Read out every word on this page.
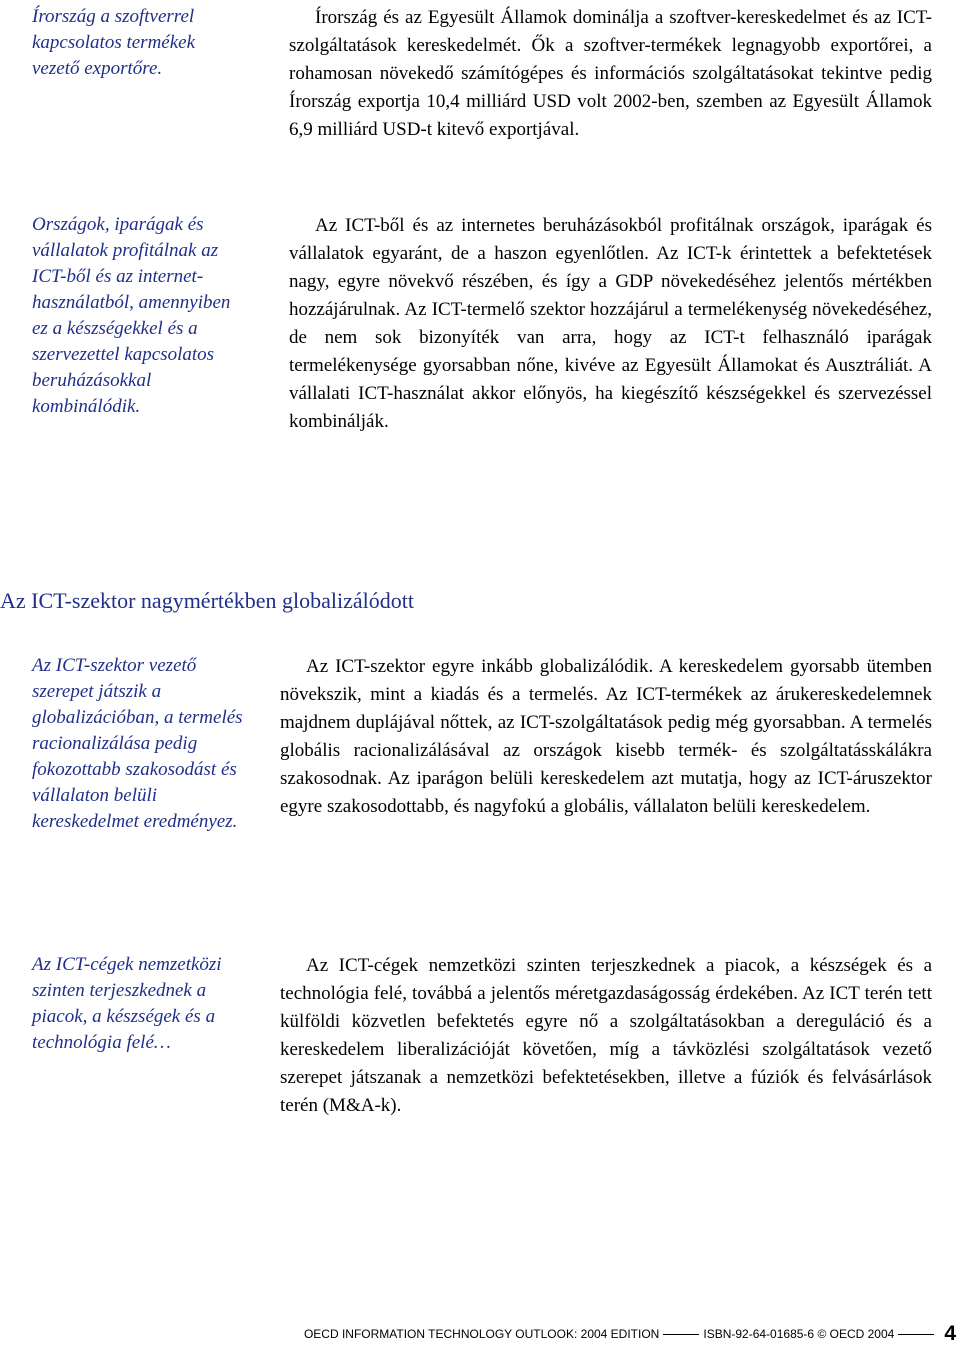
Írország a szoftverrel kapcsolatos termékek vezető exportőre.

Írország és az Egyesült Államok dominálja a szoftver-kereskedelmet és az ICT-szolgáltatások kereskedelmét. Ők a szoftver-termékek legnagyobb exportőrei, a rohamosan növekedő számítógépes és információs szolgáltatásokat tekintve pedig Írország exportja 10,4 milliárd USD volt 2002-ben, szemben az Egyesült Államok 6,9 milliárd USD-t kitevő exportjával.

Országok, iparágak és vállalatok profitálnak az ICT-ből és az internet-használatból, amennyiben ez a készségekkel és a szervezettel kapcsolatos beruházásokkal kombinálódik.

Az ICT-ből és az internetes beruházásokból profitálnak országok, iparágak és vállalatok egyaránt, de a haszon egyenlőtlen. Az ICT-k érintettek a befektetések nagy, egyre növekvő részében, és így a GDP növekedéséhez jelentős mértékben hozzájárulnak. Az ICT-termelő szektor hozzájárul a termelékenység növekedéséhez, de nem sok bizonyíték van arra, hogy az ICT-t felhasználó iparágak termelékenysége gyorsabban nőne, kivéve az Egyesült Államokat és Ausztráliát. A vállalati ICT-használat akkor előnyös, ha kiegészítő készségekkel és szervezéssel kombinálják.

Az ICT-szektor nagymértékben globalizálódott
Az ICT-szektor vezető szerepet játszik a globalizációban, a termelés racionalizálása pedig fokozottabb szakosodást és vállalaton belüli kereskedelmet eredményez.

Az ICT-szektor egyre inkább globalizálódik. A kereskedelem gyorsabb ütemben növekszik, mint a kiadás és a termelés. Az ICT-termékek az árukereskedelemnek majdnem duplájával nőttek, az ICT-szolgáltatások pedig még gyorsabban. A termelés globális racionalizálásával az országok kisebb termék- és szolgáltatásskálákra szakosodnak. Az iparágon belüli kereskedelem azt mutatja, hogy az ICT-áruszektor egyre szakosodottabb, és nagyfokú a globális, vállalaton belüli kereskedelem.

Az ICT-cégek nemzetközi szinten terjeszkednek a piacok, a készségek és a technológia felé…

Az ICT-cégek nemzetközi szinten terjeszkednek a piacok, a készségek és a technológia felé, továbbá a jelentős méretgazdaságosság érdekében. Az ICT terén tett külföldi közvetlen befektetés egyre nő a szolgáltatásokban a dereguláció és a kereskedelem liberalizációját követően, míg a távközlési szolgáltatások vezető szerepet játszanak a nemzetközi befektetésekben, illetve a fúziók és felvásárlások terén (M&A-k).

OECD INFORMATION TECHNOLOGY OUTLOOK: 2004 EDITION	ISBN-92-64-01685-6 © OECD 2004 4
